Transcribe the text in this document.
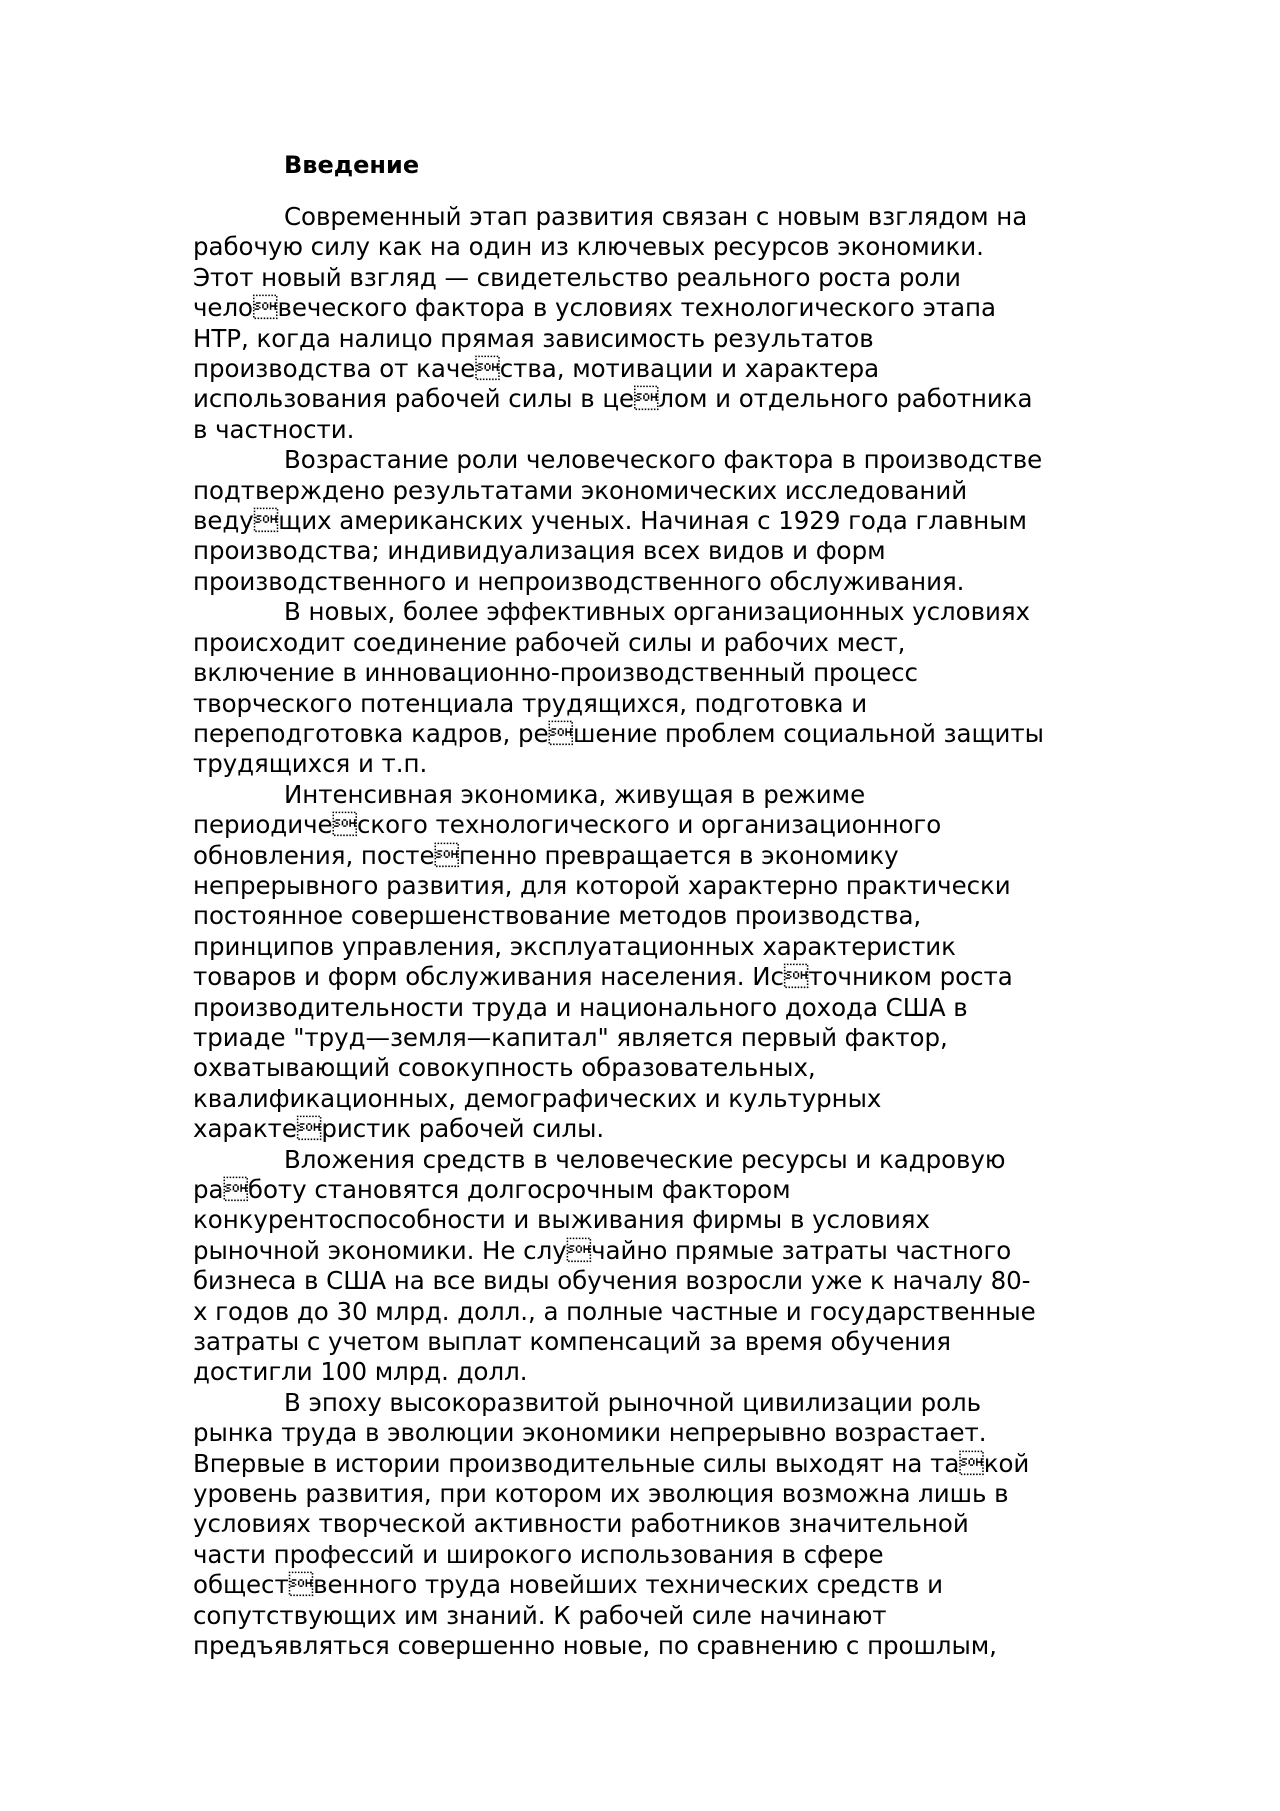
Введение
Современный этап развития связан с новым взглядом на
рабочую силу как на один из ключевых ресурсов экономики.
Этот новый взгляд — свидетельство реального роста роли
человеческого фактора в условиях технологического этапа
НТР, когда налицо прямая зависимость результатов
производства от качества, мотивации и характера
использования рабочей силы в целом и отдельного работника
в частности.
Возрастание роли человеческого фактора в производстве
подтверждено результатами экономических исследований
ведущих американских ученых. Начиная с 1929 года главным
производства; индивидуализация всех видов и форм
производственного и непроизводственного обслуживания.
В новых, более эффективных организационных условиях
происходит соединение рабочей силы и рабочих мест,
включение в инновационно-производственный процесс
творческого потенциала трудящихся, подготовка и
переподготовка кадров, решение проблем социальной защиты
трудящихся и т.п.
Интенсивная экономика, живущая в режиме
периодического технологического и организационного
обновления, постепенно превращается в экономику
непрерывного развития, для которой характерно практически
постоянное совершенствование методов производства,
принципов управления, эксплуатационных характеристик
товаров и форм обслуживания населения. Источником роста
производительности труда и национального дохода США в
триаде "труд—земля—капитал" является первый фактор,
охватывающий совокупность образовательных,
квалификационных, демографических и культурных
характеристик рабочей силы.
Вложения средств в человеческие ресурсы и кадровую
работу становятся долгосрочным фактором
конкурентоспособности и выживания фирмы в условиях
рыночной экономики. Не случайно прямые затраты частного
бизнеса в США на все виды обучения возросли уже к началу 80-
х годов до 30 млрд. долл., а полные частные и государственные
затраты с учетом выплат компенсаций за время обучения
достигли 100 млрд. долл.
В эпоху высокоразвитой рыночной цивилизации роль
рынка труда в эволюции экономики непрерывно возрастает.
Впервые в истории производительные силы выходят на такой
уровень развития, при котором их эволюция возможна лишь в
условиях творческой активности работников значительной
части профессий и широкого использования в сфере
общественного труда новейших технических средств и
сопутствующих им знаний. К рабочей силе начинают
предъявляться совершенно новые, по сравнению с прошлым,
